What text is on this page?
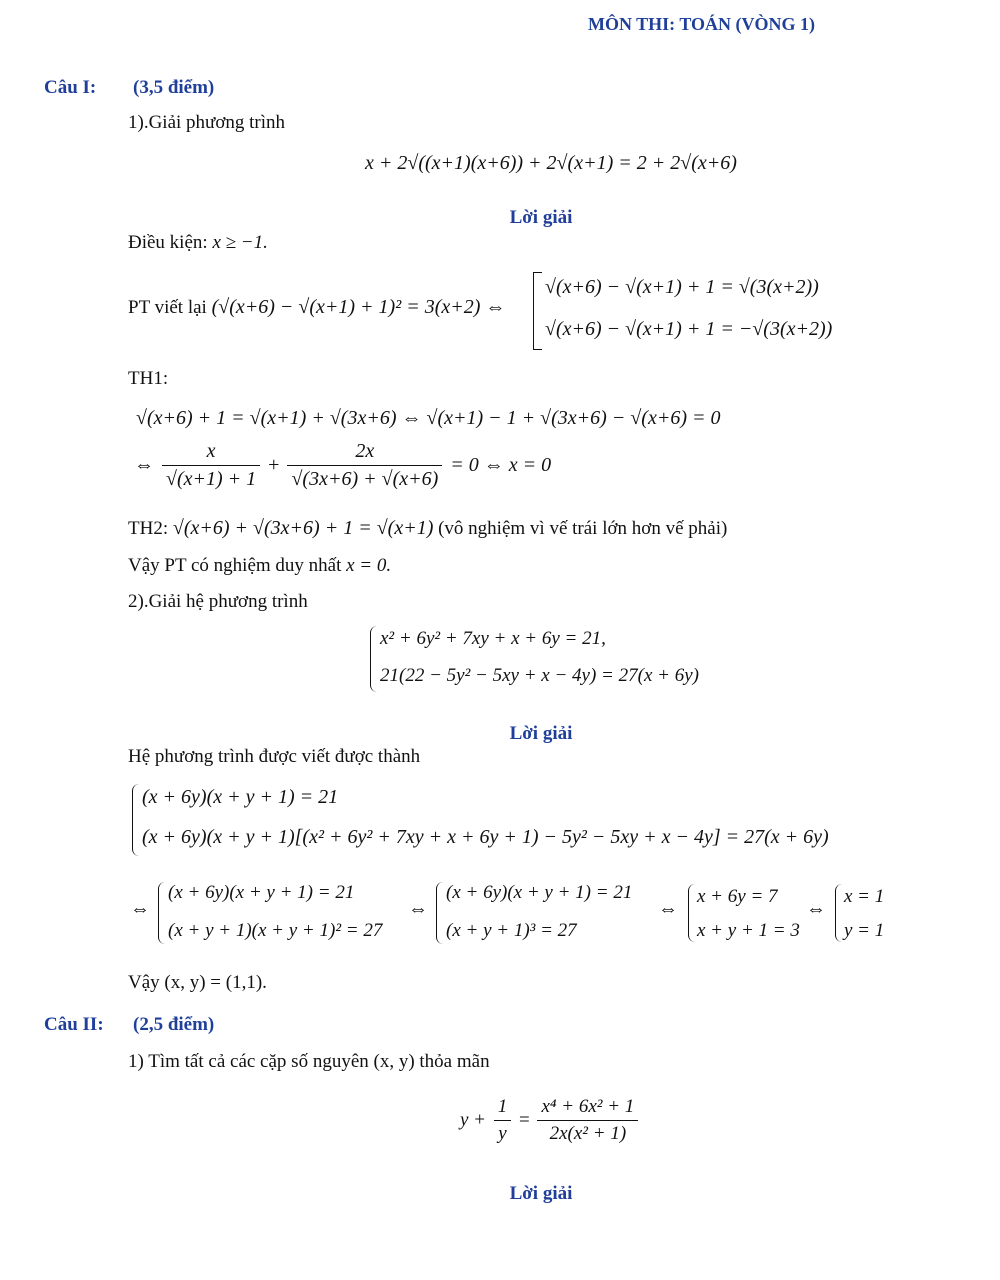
MÔN THI: TOÁN (VÒNG 1)
Câu I: (3,5 điểm)
1).Giải phương trình
x + 2√((x+1)(x+6)) + 2√(x+1) = 2 + 2√(x+6)
Lời giải
Điều kiện: x ≥ −1.
PT viết lại (√(x+6) − √(x+1) + 1)² = 3(x+2) ⇔
√(x+6) − √(x+1) + 1 = √(3(x+2))
√(x+6) − √(x+1) + 1 = −√(3(x+2))
TH1:
√(x+6) + 1 = √(x+1) + √(3x+6) ⇔ √(x+1) − 1 + √(3x+6) − √(x+6) = 0
⇔ $\frac{x}{√(x+1) + 1} + \frac{2x}{√(3x+6) + √(x+6)} = 0$ ⇔ x = 0
TH2: √(x+6) + √(3x+6) + 1 = √(x+1) (vô nghiệm vì vế trái lớn hơn vế phải)
Vậy PT có nghiệm duy nhất x = 0.
2).Giải hệ phương trình
x² + 6y² + 7xy + x + 6y = 21,
21(22 − 5y² − 5xy + x − 4y) = 27(x + 6y)
Lời giải
Hệ phương trình được viết được thành
(x + 6y)(x + y + 1) = 21
(x + 6y)(x + y + 1)[(x² + 6y² + 7xy + x + 6y + 1) − 5y² − 5xy + x − 4y] = 27(x + 6y)
⇔
(x + 6y)(x + y + 1) = 21
(x + y + 1)(x + y + 1)² = 27
⇔
(x + 6y)(x + y + 1) = 21
(x + y + 1)³ = 27
⇔
x + 6y = 7
x + y + 1 = 3
⇔
x = 1
y = 1
Vậy (x, y) = (1,1).
Câu II: (2,5 điểm)
1) Tìm tất cả các cặp số nguyên (x, y) thỏa mãn
$y + \frac{1}{y} = \frac{\text{x⁴ + 6x² + 1}}{\text{2x(x² + 1)}}$
Lời giải
